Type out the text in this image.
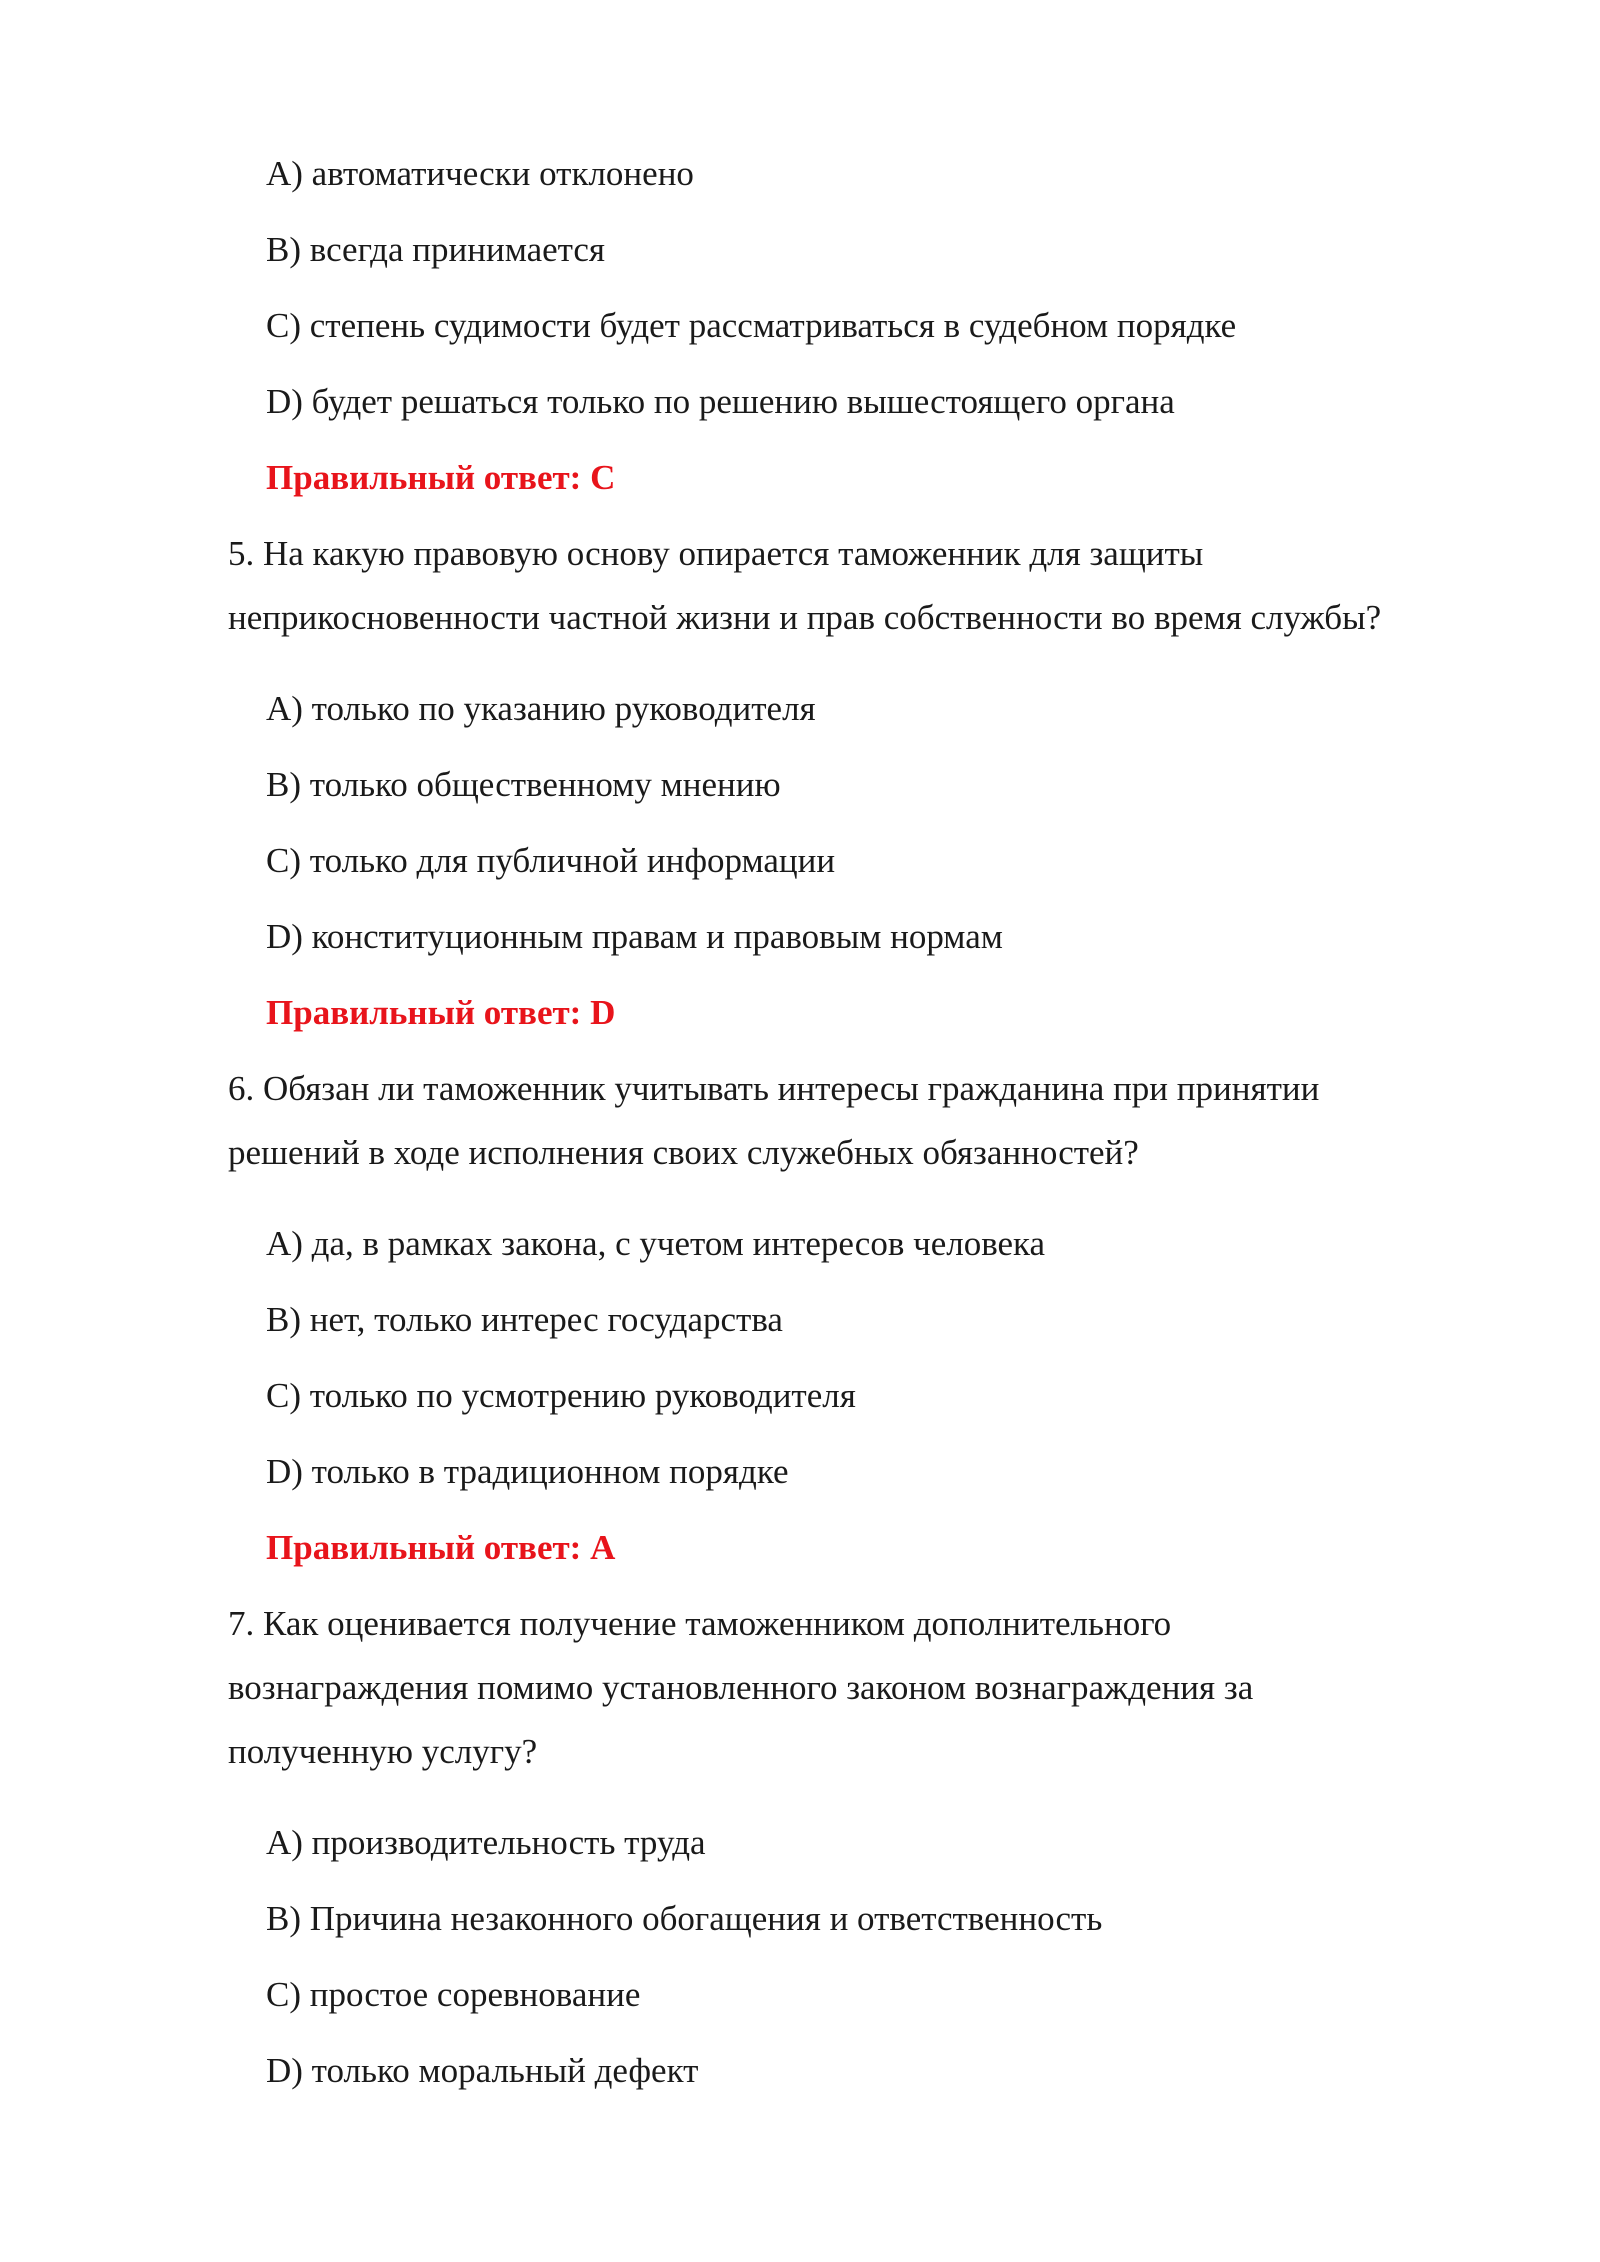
A) автоматически отклонено
B) всегда принимается
C) степень судимости будет рассматриваться в судебном порядке
D) будет решаться только по решению вышестоящего органа
Правильный ответ: C
5. На какую правовую основу опирается таможенник для защиты
неприкосновенности частной жизни и прав собственности во время службы?
A) только по указанию руководителя
B) только общественному мнению
C) только для публичной информации
D) конституционным правам и правовым нормам
Правильный ответ: D
6. Обязан ли таможенник учитывать интересы гражданина при принятии
решений в ходе исполнения своих служебных обязанностей?
A) да, в рамках закона, с учетом интересов человека
B) нет, только интерес государства
C) только по усмотрению руководителя
D) только в традиционном порядке
Правильный ответ: A
7. Как оценивается получение таможенником дополнительного
вознаграждения помимо установленного законом вознаграждения за
полученную услугу?
A) производительность труда
B) Причина незаконного обогащения и ответственность
C) простое соревнование
D) только моральный дефект
